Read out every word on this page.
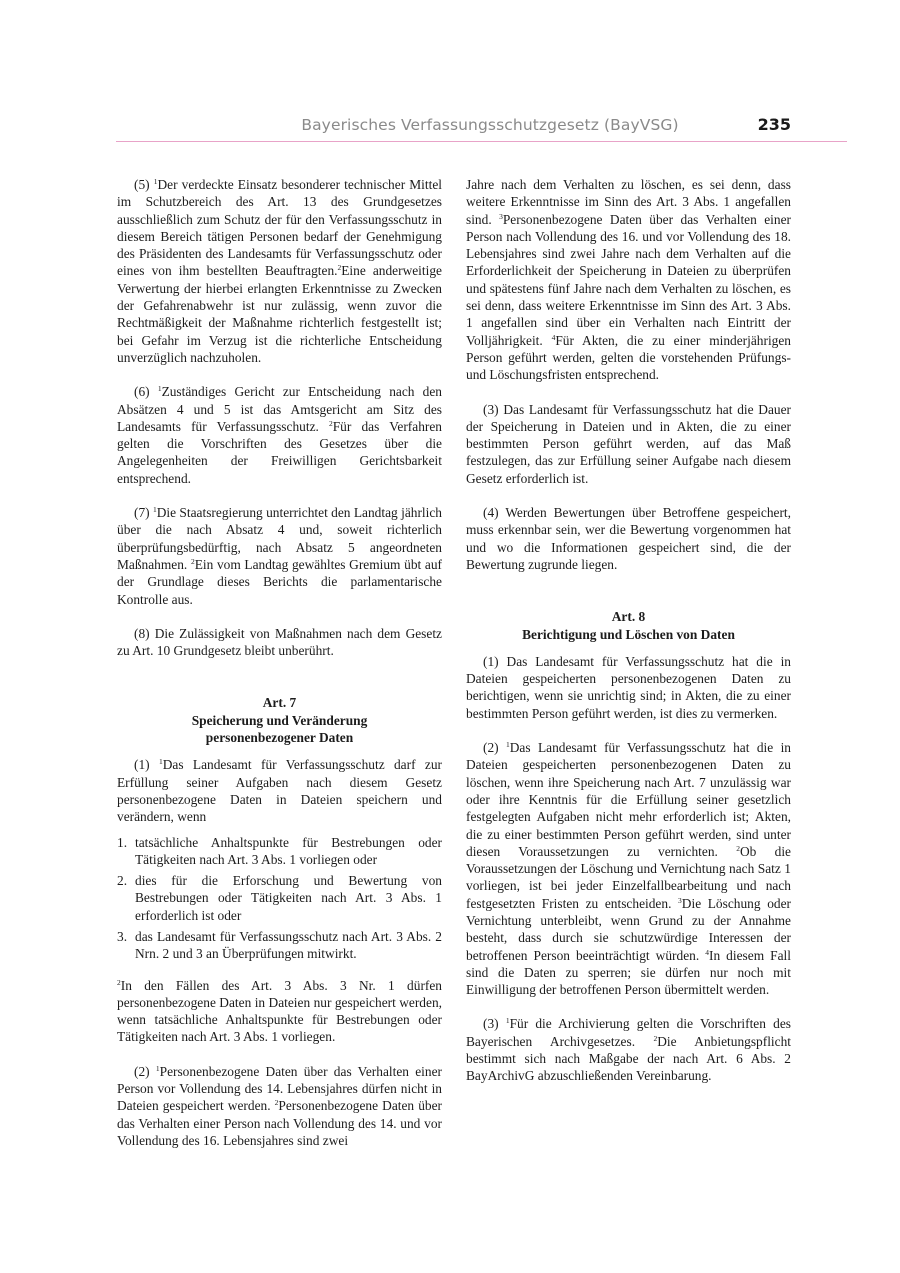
Bayerisches Verfassungsschutzgesetz (BayVSG)	235

(5) $^1$Der verdeckte Einsatz besonderer technischer Mittel im Schutzbereich des Art. 13 des Grundgesetzes ausschließlich zum Schutz der für den Verfassungsschutz in diesem Bereich tätigen Personen bedarf der Genehmigung des Präsidenten des Landesamts für Verfassungsschutz oder eines von ihm bestellten Beauftragten.$^2$Eine anderweitige Verwertung der hierbei erlangten Erkenntnisse zu Zwecken der Gefahrenabwehr ist nur zulässig, wenn zuvor die Rechtmäßigkeit der Maßnahme richterlich festgestellt ist; bei Gefahr im Verzug ist die richterliche Entscheidung unverzüglich nachzuholen.

(6) $^1$Zuständiges Gericht zur Entscheidung nach den Absätzen 4 und 5 ist das Amtsgericht am Sitz des Landesamts für Verfassungsschutz. $^2$Für das Verfahren gelten die Vorschriften des Gesetzes über die Angelegenheiten der Freiwilligen Gerichtsbarkeit entsprechend.

(7) $^1$Die Staatsregierung unterrichtet den Landtag jährlich über die nach Absatz 4 und, soweit richterlich überprüfungsbedürftig, nach Absatz 5 angeordneten Maßnahmen. $^2$Ein vom Landtag gewähltes Gremium übt auf der Grundlage dieses Berichts die parlamentarische Kontrolle aus.

(8) Die Zulässigkeit von Maßnahmen nach dem Gesetz zu Art. 10 Grundgesetz bleibt unberührt.

Art. 7
Speicherung und Veränderung
personenbezogener Daten

(1) $^1$Das Landesamt für Verfassungsschutz darf zur Erfüllung seiner Aufgaben nach diesem Gesetz personenbezogene Daten in Dateien speichern und verändern, wenn

1. tatsächliche Anhaltspunkte für Bestrebungen oder Tätigkeiten nach Art. 3 Abs. 1 vorliegen oder
2. dies für die Erforschung und Bewertung von Bestrebungen oder Tätigkeiten nach Art. 3 Abs. 1 erforderlich ist oder
3. das Landesamt für Verfassungsschutz nach Art. 3 Abs. 2 Nrn. 2 und 3 an Überprüfungen mitwirkt.

$^2$In den Fällen des Art. 3 Abs. 3 Nr. 1 dürfen personenbezogene Daten in Dateien nur gespeichert werden, wenn tatsächliche Anhaltspunkte für Bestrebungen oder Tätigkeiten nach Art. 3 Abs. 1 vorliegen.

(2) $^1$Personenbezogene Daten über das Verhalten einer Person vor Vollendung des 14. Lebensjahres dürfen nicht in Dateien gespeichert werden. $^2$Personenbezogene Daten über das Verhalten einer Person nach Vollendung des 14. und vor Vollendung des 16. Lebensjahres sind zwei

Jahre nach dem Verhalten zu löschen, es sei denn, dass weitere Erkenntnisse im Sinn des Art. 3 Abs. 1 angefallen sind. $^3$Personenbezogene Daten über das Verhalten einer Person nach Vollendung des 16. und vor Vollendung des 18. Lebensjahres sind zwei Jahre nach dem Verhalten auf die Erforderlichkeit der Speicherung in Dateien zu überprüfen und spätestens fünf Jahre nach dem Verhalten zu löschen, es sei denn, dass weitere Erkenntnisse im Sinn des Art. 3 Abs. 1 angefallen sind über ein Verhalten nach Eintritt der Volljährigkeit. $^4$Für Akten, die zu einer minderjährigen Person geführt werden, gelten die vorstehenden Prüfungs- und Löschungsfristen entsprechend.

(3) Das Landesamt für Verfassungsschutz hat die Dauer der Speicherung in Dateien und in Akten, die zu einer bestimmten Person geführt werden, auf das Maß festzulegen, das zur Erfüllung seiner Aufgabe nach diesem Gesetz erforderlich ist.

(4) Werden Bewertungen über Betroffene gespeichert, muss erkennbar sein, wer die Bewertung vorgenommen hat und wo die Informationen gespeichert sind, die der Bewertung zugrunde liegen.

Art. 8
Berichtigung und Löschen von Daten

(1) Das Landesamt für Verfassungsschutz hat die in Dateien gespeicherten personenbezogenen Daten zu berichtigen, wenn sie unrichtig sind; in Akten, die zu einer bestimmten Person geführt werden, ist dies zu vermerken.

(2) $^1$Das Landesamt für Verfassungsschutz hat die in Dateien gespeicherten personenbezogenen Daten zu löschen, wenn ihre Speicherung nach Art. 7 unzulässig war oder ihre Kenntnis für die Erfüllung seiner gesetzlich festgelegten Aufgaben nicht mehr erforderlich ist; Akten, die zu einer bestimmten Person geführt werden, sind unter diesen Voraussetzungen zu vernichten. $^2$Ob die Voraussetzungen der Löschung und Vernichtung nach Satz 1 vorliegen, ist bei jeder Einzelfallbearbeitung und nach festgesetzten Fristen zu entscheiden. $^3$Die Löschung oder Vernichtung unterbleibt, wenn Grund zu der Annahme besteht, dass durch sie schutzwürdige Interessen der betroffenen Person beeinträchtigt würden. $^4$In diesem Fall sind die Daten zu sperren; sie dürfen nur noch mit Einwilligung der betroffenen Person übermittelt werden.

(3) $^1$Für die Archivierung gelten die Vorschriften des Bayerischen Archivgesetzes. $^2$Die Anbietungspflicht bestimmt sich nach Maßgabe der nach Art. 6 Abs. 2 BayArchivG abzuschließenden Vereinbarung.
